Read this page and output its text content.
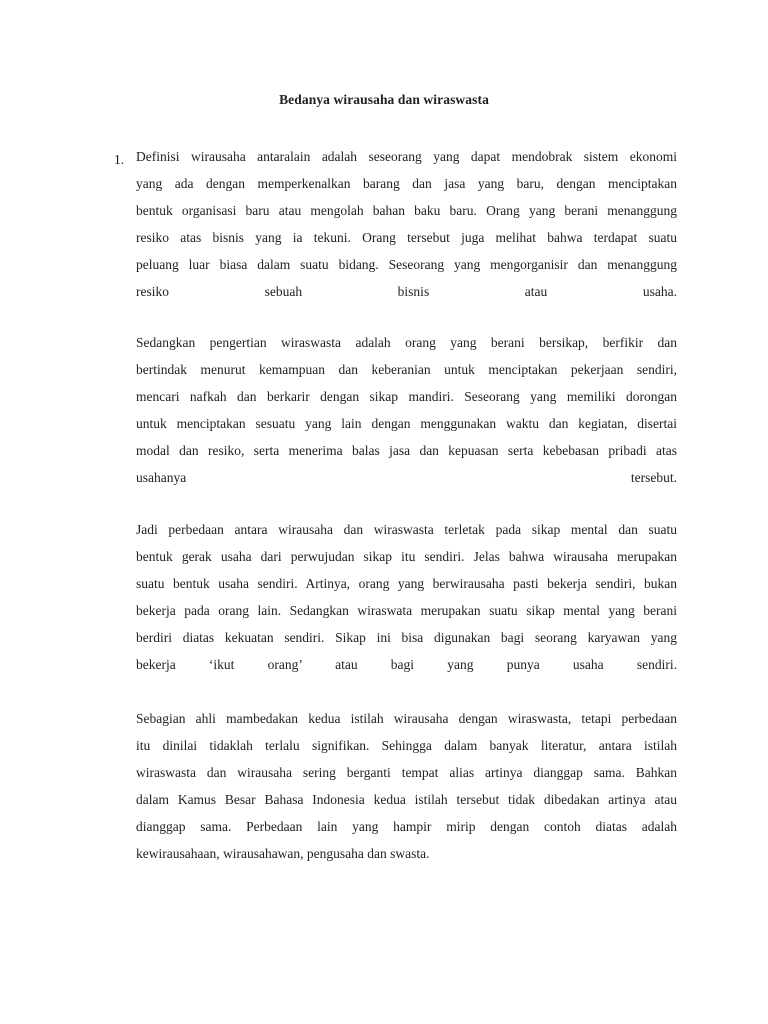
Bedanya wirausaha dan wiraswasta
1. Definisi wirausaha antaralain adalah seseorang yang dapat mendobrak sistem ekonomi
yang ada dengan memperkenalkan barang dan jasa yang baru, dengan menciptakan
bentuk organisasi baru atau mengolah bahan baku baru. Orang yang berani menanggung
resiko atas bisnis yang ia tekuni. Orang tersebut juga melihat bahwa terdapat suatu
peluang luar biasa dalam suatu bidang. Seseorang yang mengorganisir dan menanggung
resiko sebuah bisnis atau usaha.
Sedangkan pengertian wiraswasta adalah orang yang berani bersikap, berfikir dan
bertindak menurut kemampuan dan keberanian untuk menciptakan pekerjaan sendiri,
mencari nafkah dan berkarir dengan sikap mandiri. Seseorang yang memiliki dorongan
untuk menciptakan sesuatu yang lain dengan menggunakan waktu dan kegiatan, disertai
modal dan resiko, serta menerima balas jasa dan kepuasan serta kebebasan pribadi atas
usahanya tersebut.
Jadi perbedaan antara wirausaha dan wiraswasta terletak pada sikap mental dan suatu
bentuk gerak usaha dari perwujudan sikap itu sendiri. Jelas bahwa wirausaha merupakan
suatu bentuk usaha sendiri. Artinya, orang yang berwirausaha pasti bekerja sendiri, bukan
bekerja pada orang lain. Sedangkan wiraswata merupakan suatu sikap mental yang berani
berdiri diatas kekuatan sendiri. Sikap ini bisa digunakan bagi seorang karyawan yang
bekerja ‘ikut orang’ atau bagi yang punya usaha sendiri.
Sebagian ahli mambedakan kedua istilah wirausaha dengan wiraswasta, tetapi perbedaan
itu dinilai tidaklah terlalu signifikan. Sehingga dalam banyak literatur, antara istilah
wiraswasta dan wirausaha sering berganti tempat alias artinya dianggap sama. Bahkan
dalam Kamus Besar Bahasa Indonesia kedua istilah tersebut tidak dibedakan artinya atau
dianggap sama. Perbedaan lain yang hampir mirip dengan contoh diatas adalah
kewirausahaan, wirausahawan, pengusaha dan swasta.
